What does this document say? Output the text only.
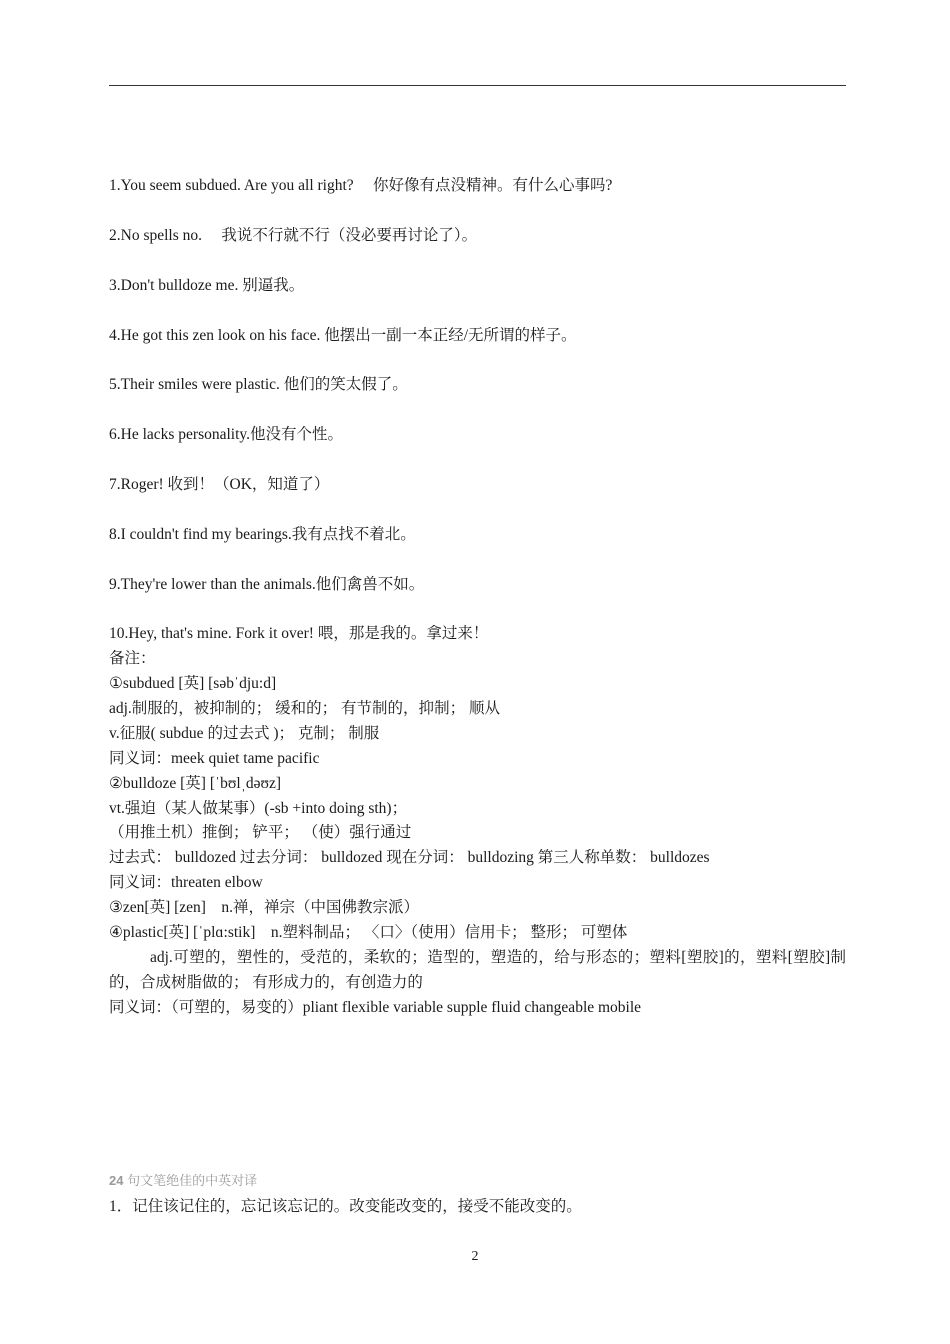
1.You seem subdued. Are you all right?　 你好像有点没精神。有什么心事吗?
2.No spells no.　 我说不行就不行（没必要再讨论了）。
3.Don't bulldoze me. 别逼我。
4.He got this zen look on his face. 他摆出一副一本正经/无所谓的样子。
5.Their smiles were plastic. 他们的笑太假了。
6.He lacks personality.他没有个性。
7.Roger! 收到！（OK，知道了）
8.I couldn't find my bearings.我有点找不着北。
9.They're lower than the animals.他们禽兽不如。
10.Hey, that's mine. Fork it over! 喂，那是我的。拿过来！
备注：
①subdued [英] [səbˈdju:d]
adj.制服的，被抑制的； 缓和的； 有节制的，抑制； 顺从
v.征服( subdue 的过去式 )； 克制； 制服
同义词：meek quiet tame pacific
②bulldoze [英] [ˈbʊlˌdəʊz]
vt.强迫（某人做某事）(-sb +into doing sth)；
（用推土机）推倒； 铲平； （使）强行通过
过去式： bulldozed 过去分词： bulldozed 现在分词： bulldozing 第三人称单数： bulldozes
同义词：threaten elbow
③zen[英] [zen]　n.禅，禅宗（中国佛教宗派）
④plastic[英] [ˈplɑ:stik]　n.塑料制品； 〈口〉（使用）信用卡； 整形； 可塑体
adj.可塑的，塑性的，受范的，柔软的；造型的，塑造的，给与形态的；塑料[塑胶]的，塑料[塑胶]制的，合成树脂做的； 有形成力的，有创造力的
同义词：（可塑的，易变的）pliant flexible variable supple fluid changeable mobile
24 句文笔绝佳的中英对译
1．记住该记住的，忘记该忘记的。改变能改变的，接受不能改变的。
2
